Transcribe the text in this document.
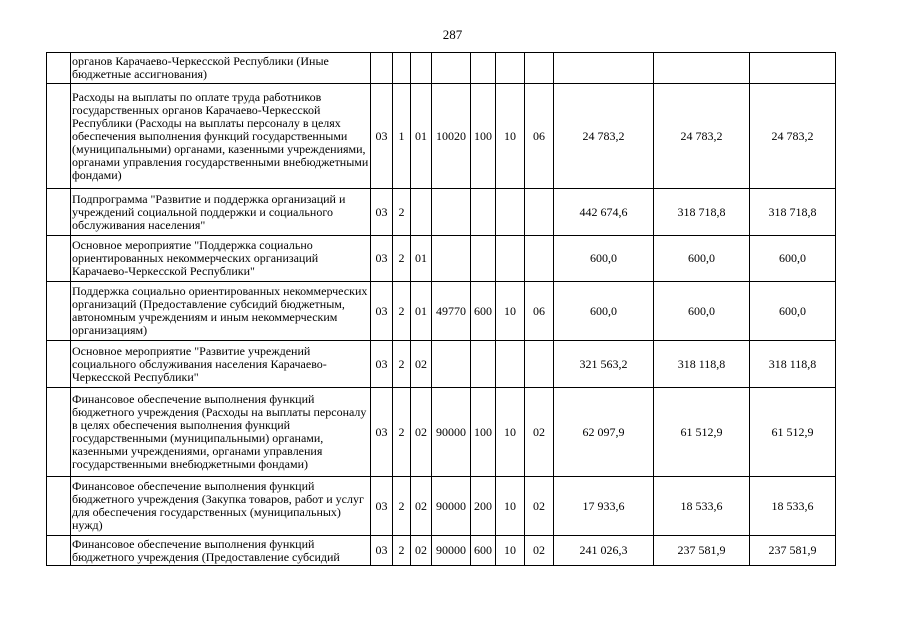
287
	органов Карачаево-Черкесской Республики (Иные бюджетные ассигнования)										
	Расходы на выплаты по оплате труда работников государственных органов Карачаево-Черкесской Республики (Расходы на выплаты персоналу в целях обеспечения выполнения функций государственными (муниципальными) органами, казенными учреждениями, органами управления государственными внебюджетными фондами)	03	1	01	10020	100	10	06	24 783,2	24 783,2	24 783,2
	Подпрограмма "Развитие и поддержка организаций и учреждений социальной поддержки и социального обслуживания населения"	03	2						442 674,6	318 718,8	318 718,8
	Основное мероприятие "Поддержка социально ориентированных некоммерческих организаций Карачаево-Черкесской Республики"	03	2	01					600,0	600,0	600,0
	Поддержка социально ориентированных некоммерческих организаций (Предоставление субсидий бюджетным, автономным учреждениям и иным некоммерческим организациям)	03	2	01	49770	600	10	06	600,0	600,0	600,0
	Основное мероприятие "Развитие учреждений социального обслуживания населения Карачаево-Черкесской Республики"	03	2	02					321 563,2	318 118,8	318 118,8
	Финансовое обеспечение выполнения функций бюджетного учреждения (Расходы на выплаты персоналу в целях обеспечения выполнения функций государственными (муниципальными) органами, казенными учреждениями, органами управления государственными внебюджетными фондами)	03	2	02	90000	100	10	02	62 097,9	61 512,9	61 512,9
	Финансовое обеспечение выполнения функций бюджетного учреждения (Закупка товаров, работ и услуг для обеспечения государственных (муниципальных) нужд)	03	2	02	90000	200	10	02	17 933,6	18 533,6	18 533,6
	Финансовое обеспечение выполнения функций бюджетного учреждения (Предоставление субсидий	03	2	02	90000	600	10	02	241 026,3	237 581,9	237 581,9
